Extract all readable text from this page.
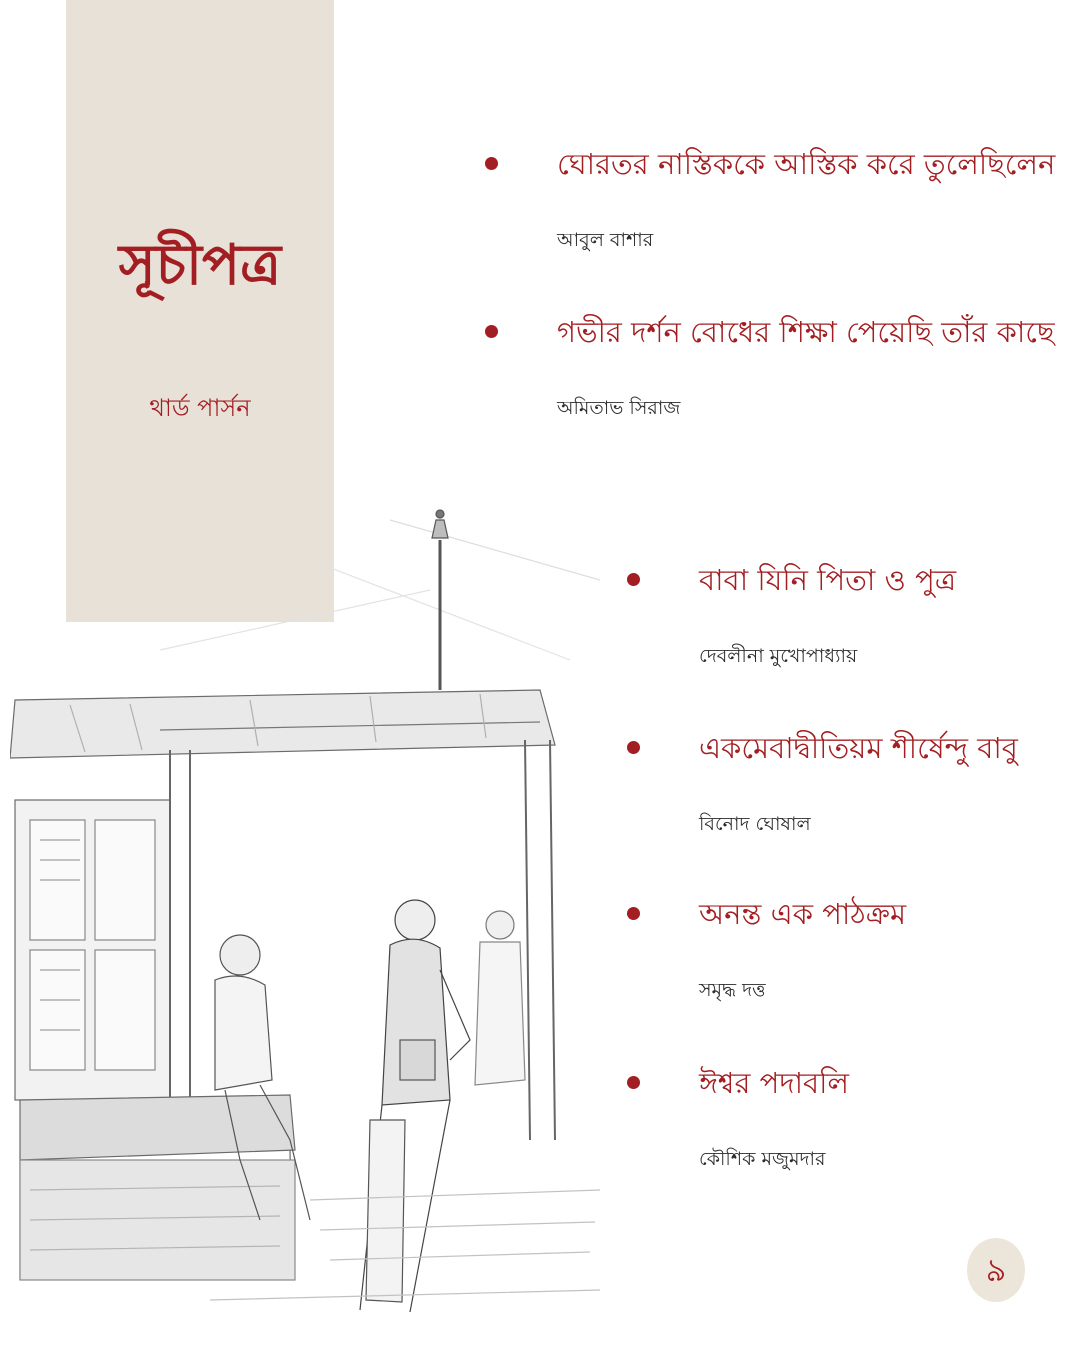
সূচীপত্র
থার্ড পার্সন
ঘোরতর নাস্তিককে আস্তিক করে তুলেছিলেন
আবুল বাশার
গভীর দর্শন বোধের শিক্ষা পেয়েছি তাঁর কাছে
অমিতাভ সিরাজ
বাবা যিনি পিতা ও পুত্র
দেবলীনা মুখোপাধ্যায়
একমেবাদ্বীতিয়ম শীর্ষেন্দু বাবু
বিনোদ ঘোষাল
অনন্ত এক পাঠক্রম
সমৃদ্ধ দত্ত
ঈশ্বর পদাবলি
কৌশিক মজুমদার
৯
